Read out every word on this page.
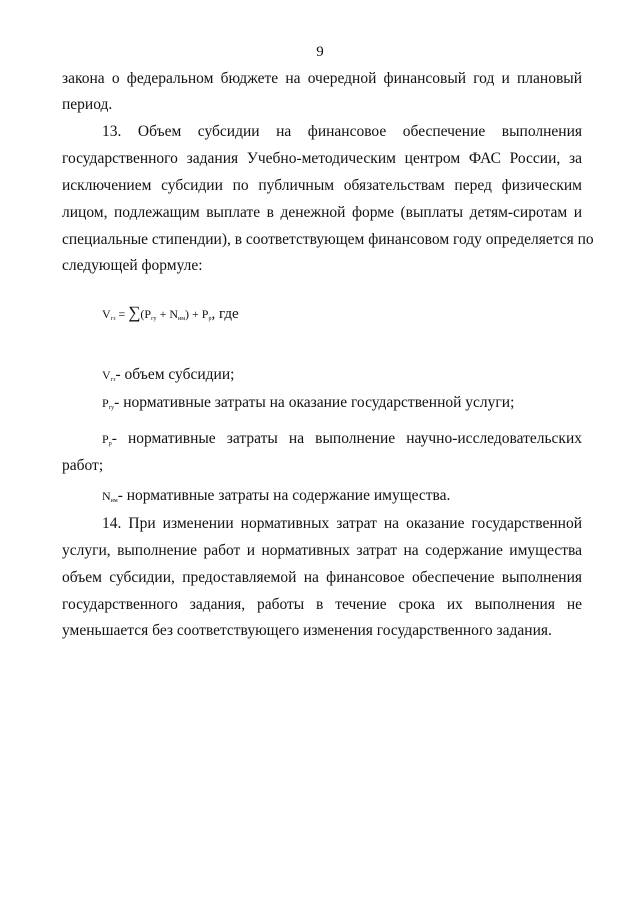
9
закона о федеральном бюджете на очередной финансовый год и плановый
период.
13. Объем субсидии на финансовое обеспечение выполнения
государственного задания Учебно-методическим центром ФАС России, за
исключением субсидии по публичным обязательствам перед физическим
лицом, подлежащим выплате в денежной форме (выплаты детям-сиротам и
специальные стипендии), в соответствующем финансовом году определяется по
следующей формуле:
$V_{гз} = \sum(P_{гу} + N_{им}) + P_р$, где
$V_{гз}-$ объем субсидии;
$P_{гу}-$ нормативные затраты на оказание государственной услуги;
$P_р-$ нормативные затраты на выполнение научно-исследовательских
работ;
$N_{им}-$ нормативные затраты на содержание имущества.
14. При изменении нормативных затрат на оказание государственной
услуги, выполнение работ и нормативных затрат на содержание имущества
объем субсидии, предоставляемой на финансовое обеспечение выполнения
государственного задания, работы в течение срока их выполнения не
уменьшается без соответствующего изменения государственного задания.
